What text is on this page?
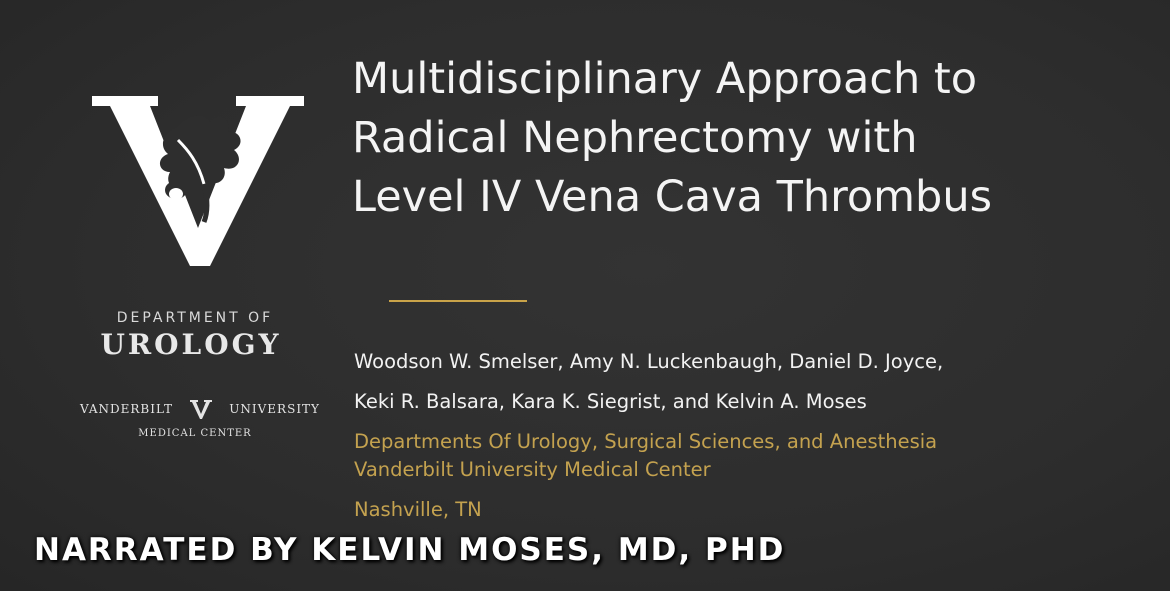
DEPARTMENT OF
UROLOGY
VANDERBILT	UNIVERSITY
MEDICAL CENTER
Multidisciplinary Approach to
Radical Nephrectomy with
Level IV Vena Cava Thrombus
Woodson W. Smelser, Amy N. Luckenbaugh, Daniel D. Joyce,
Keki R. Balsara, Kara K. Siegrist, and Kelvin A. Moses
Departments Of Urology, Surgical Sciences, and Anesthesia
Vanderbilt University Medical Center
Nashville, TN
NARRATED BY KELVIN MOSES, MD, PHD
